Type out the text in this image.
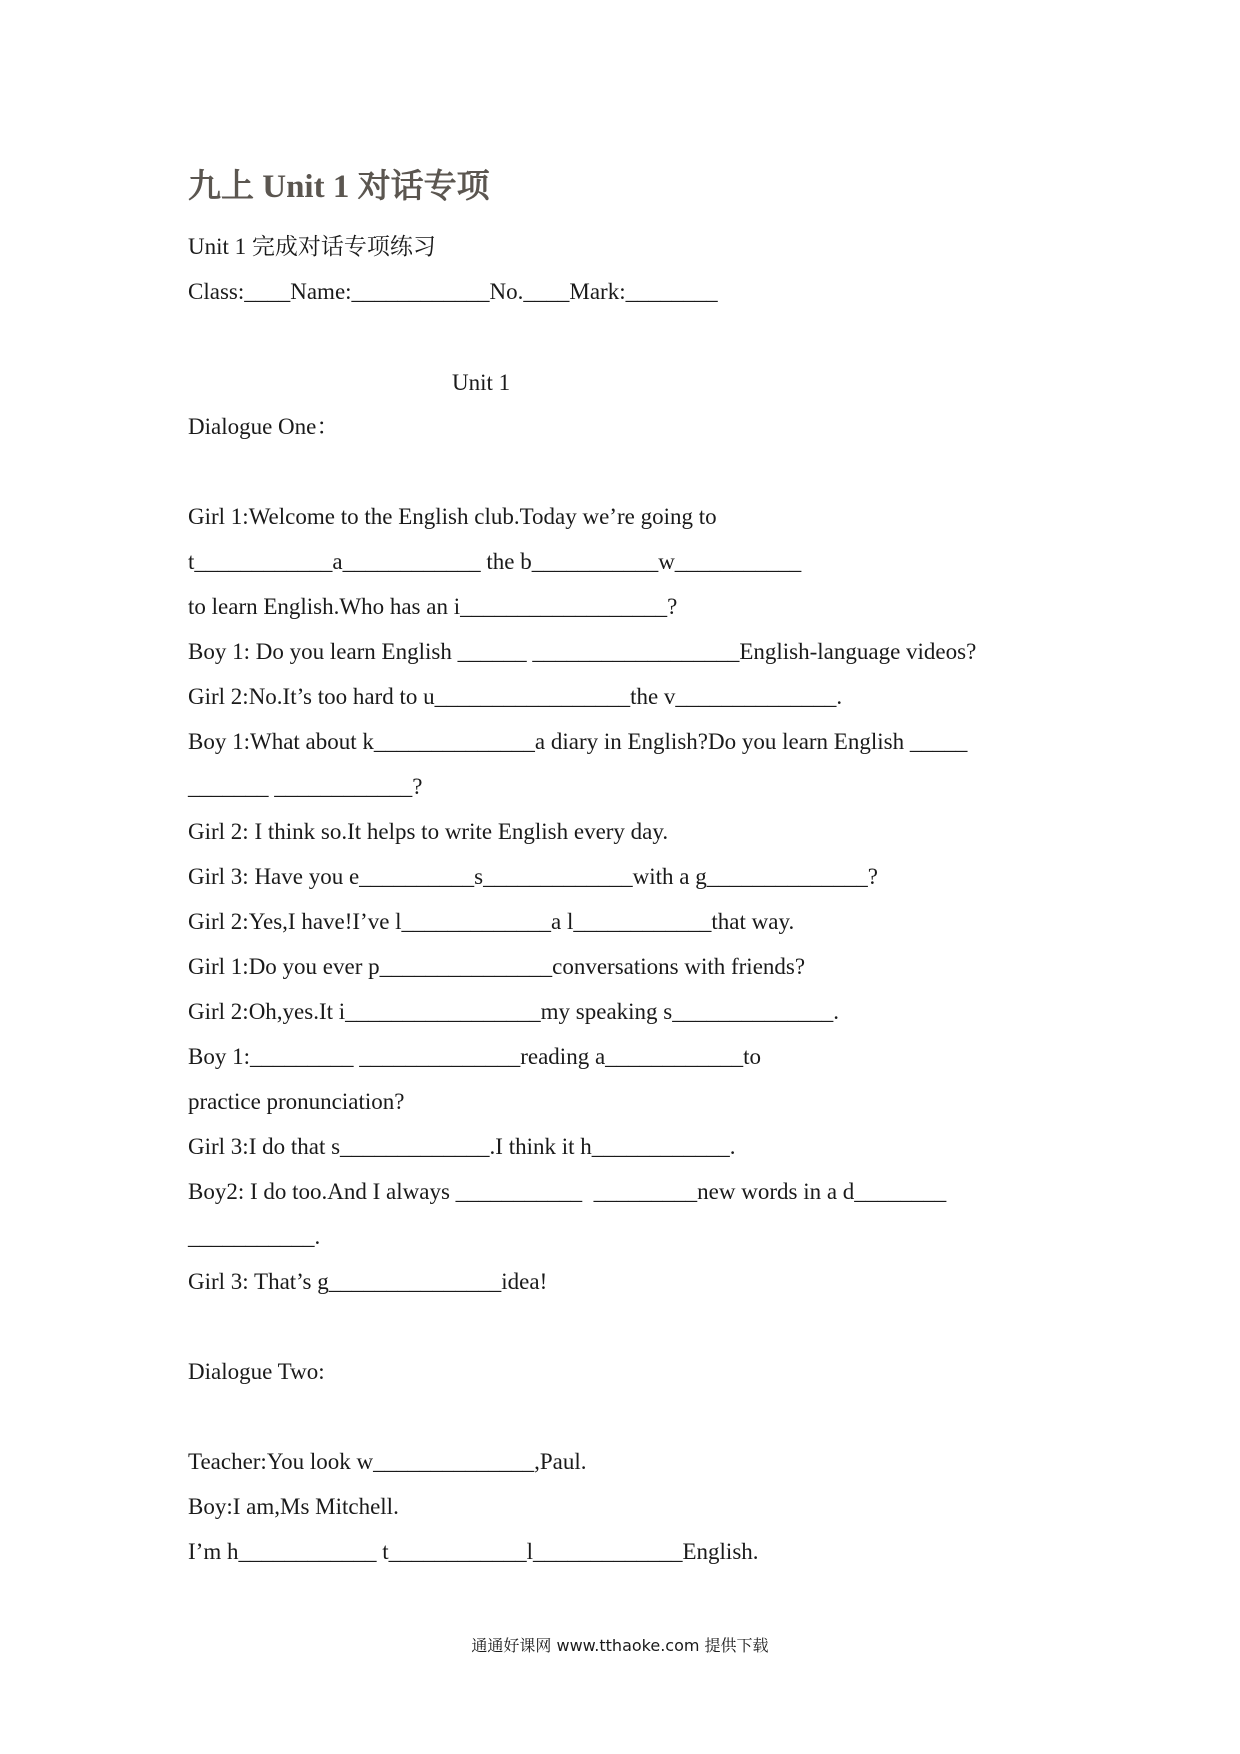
九上 Unit 1 对话专项
Unit 1 完成对话专项练习
Class:____Name:____________No.____Mark:________
Unit 1
Dialogue One：
Girl 1:Welcome to the English club.Today we’re going to
t____________a____________ the b___________w___________
to learn English.Who has an i__________________?
Boy 1: Do you learn English ______ __________________English-language videos?
Girl 2:No.It’s too hard to u_________________the v______________.
Boy 1:What about k______________a diary in English?Do you learn English _____
_______ ____________?
Girl 2: I think so.It helps to write English every day.
Girl 3: Have you e__________s_____________with a g______________?
Girl 2:Yes,I have!I’ve l_____________a l____________that way.
Girl 1:Do you ever p_______________conversations with friends?
Girl 2:Oh,yes.It i_________________my speaking s______________.
Boy 1:_________ ______________reading a____________to
practice pronunciation?
Girl 3:I do that s_____________.I think it h____________.
Boy2: I do too.And I always ___________  _________new words in a d________
___________.
Girl 3: That’s g_______________idea!
Dialogue Two:
Teacher:You look w______________,Paul.
Boy:I am,Ms Mitchell.
I’m h____________ t____________l_____________English.
通通好课网 www.tthaoke.com 提供下载
